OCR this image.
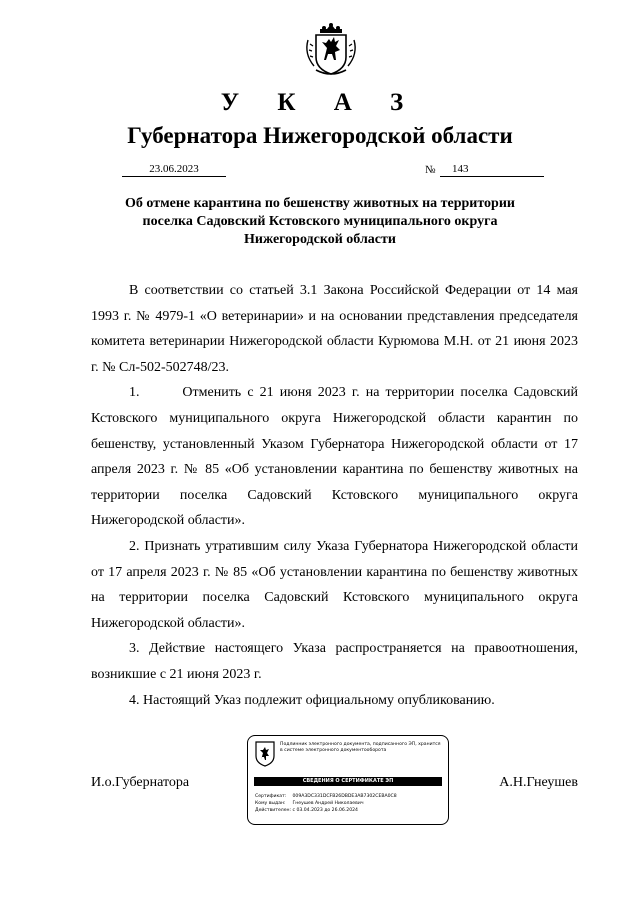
У К А З
Губернатора Нижегородской области
23.06.2023	№	143
Об отмене карантина по бешенству животных на территории
поселка Садовский Кстовского муниципального округа
Нижегородской области

В соответствии со статьей 3.1 Закона Российской Федерации от 14 мая 1993 г. № 4979-1 «О ветеринарии» и на основании представления председателя комитета ветеринарии Нижегородской области Курюмова М.Н. от 21 июня 2023 г. № Сл-502-502748/23.

1.       Отменить с 21 июня 2023 г. на территории поселка Садовский Кстовского муниципального округа Нижегородской области карантин по бешенству, установленный Указом Губернатора Нижегородской области от 17 апреля 2023 г. № 85 «Об установлении карантина по бешенству животных на территории поселка Садовский Кстовского муниципального округа Нижегородской области».

2. Признать утратившим силу Указа Губернатора Нижегородской области от 17 апреля 2023 г. № 85 «Об установлении карантина по бешенству животных на территории поселка Садовский Кстовского муниципального округа Нижегородской области».

3. Действие настоящего Указа распространяется на правоотношения, возникшие с 21 июня 2023 г.

4. Настоящий Указ подлежит официальному опубликованию.

И.о.Губернатора	А.Н.Гнеушев
Подлинник электронного документа, подписанного ЭП, хранится в системе электронного документооборота
СВЕДЕНИЯ О СЕРТИФИКАТЕ ЭП
Сертификат: 009A3DC331DCFB26DBDE3AB7302CEBA0C8
Кому выдан: Гнеушев Андрей Николаевич
Действителен: с 03.04.2023 до 26.06.2024
